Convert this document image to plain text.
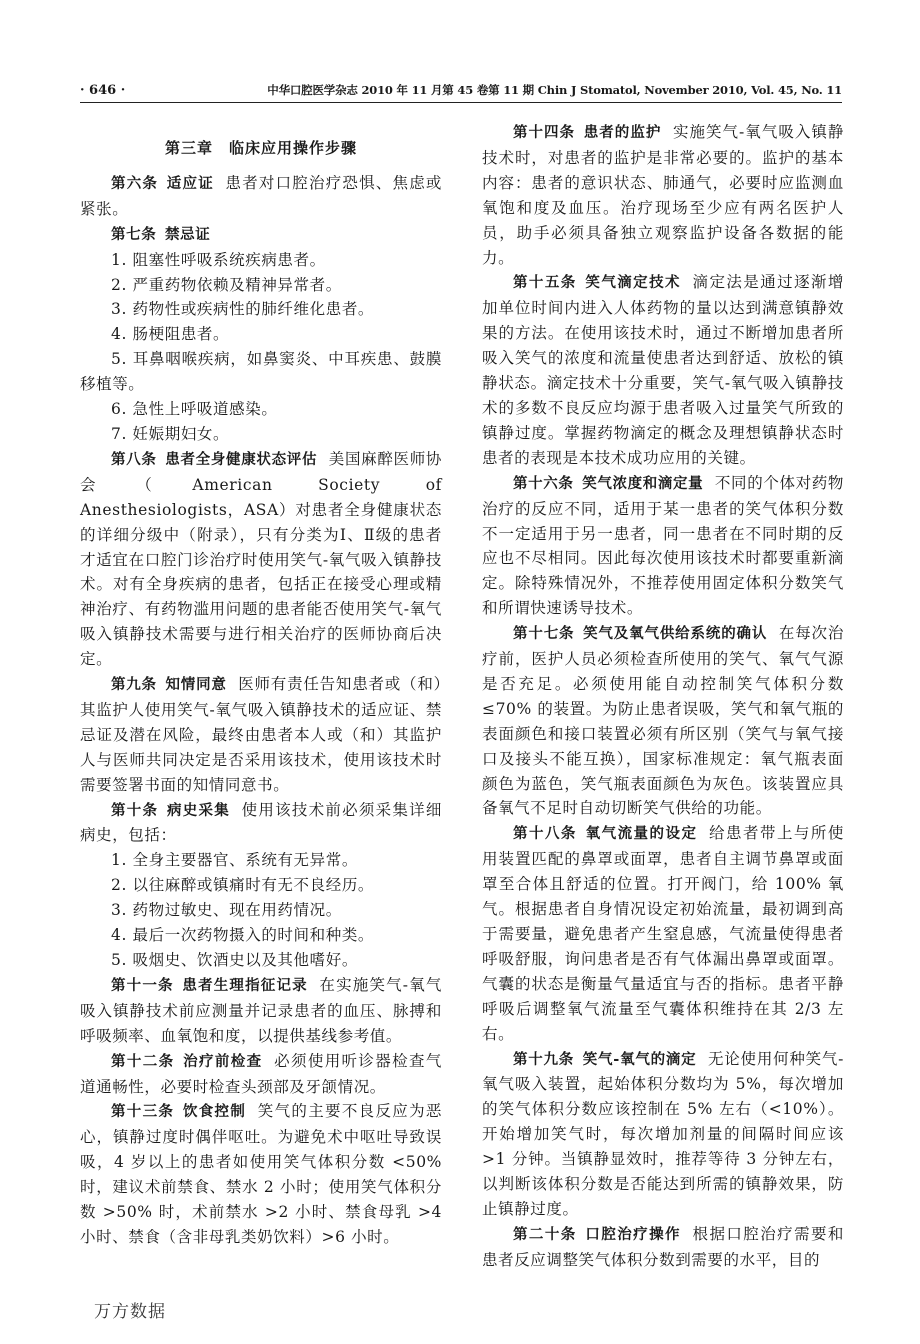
· 646 ·	中华口腔医学杂志 2010 年 11 月第 45 卷第 11 期 Chin J Stomatol, November 2010, Vol. 45, No. 11
第三章　临床应用操作步骤

第六条 适应证 患者对口腔治疗恐惧、焦虑或紧张。

第七条 禁忌证

1. 阻塞性呼吸系统疾病患者。

2. 严重药物依赖及精神异常者。

3. 药物性或疾病性的肺纤维化患者。

4. 肠梗阻患者。

5. 耳鼻咽喉疾病，如鼻窦炎、中耳疾患、鼓膜移植等。

6. 急性上呼吸道感染。

7. 妊娠期妇女。

第八条 患者全身健康状态评估 美国麻醉医师协会（American Society of Anesthesiologists，ASA）对患者全身健康状态的详细分级中（附录），只有分类为Ⅰ、Ⅱ级的患者才适宜在口腔门诊治疗时使用笑气-氧气吸入镇静技术。对有全身疾病的患者，包括正在接受心理或精神治疗、有药物滥用问题的患者能否使用笑气-氧气吸入镇静技术需要与进行相关治疗的医师协商后决定。

第九条 知情同意 医师有责任告知患者或（和）其监护人使用笑气-氧气吸入镇静技术的适应证、禁忌证及潜在风险，最终由患者本人或（和）其监护人与医师共同决定是否采用该技术，使用该技术时需要签署书面的知情同意书。

第十条 病史采集 使用该技术前必须采集详细病史，包括：

1. 全身主要器官、系统有无异常。

2. 以往麻醉或镇痛时有无不良经历。

3. 药物过敏史、现在用药情况。

4. 最后一次药物摄入的时间和种类。

5. 吸烟史、饮酒史以及其他嗜好。

第十一条 患者生理指征记录 在实施笑气-氧气吸入镇静技术前应测量并记录患者的血压、脉搏和呼吸频率、血氧饱和度，以提供基线参考值。

第十二条 治疗前检查 必须使用听诊器检查气道通畅性，必要时检查头颈部及牙颌情况。

第十三条 饮食控制 笑气的主要不良反应为恶心，镇静过度时偶伴呕吐。为避免术中呕吐导致误吸，4 岁以上的患者如使用笑气体积分数 <50% 时，建议术前禁食、禁水 2 小时；使用笑气体积分数 >50% 时，术前禁水 >2 小时、禁食母乳 >4 小时、禁食（含非母乳类奶饮料）>6 小时。

第十四条 患者的监护 实施笑气-氧气吸入镇静技术时，对患者的监护是非常必要的。监护的基本内容：患者的意识状态、肺通气，必要时应监测血氧饱和度及血压。治疗现场至少应有两名医护人员，助手必须具备独立观察监护设备各数据的能力。

第十五条 笑气滴定技术 滴定法是通过逐渐增加单位时间内进入人体药物的量以达到满意镇静效果的方法。在使用该技术时，通过不断增加患者所吸入笑气的浓度和流量使患者达到舒适、放松的镇静状态。滴定技术十分重要，笑气-氧气吸入镇静技术的多数不良反应均源于患者吸入过量笑气所致的镇静过度。掌握药物滴定的概念及理想镇静状态时患者的表现是本技术成功应用的关键。

第十六条 笑气浓度和滴定量 不同的个体对药物治疗的反应不同，适用于某一患者的笑气体积分数不一定适用于另一患者，同一患者在不同时期的反应也不尽相同。因此每次使用该技术时都要重新滴定。除特殊情况外，不推荐使用固定体积分数笑气和所谓快速诱导技术。

第十七条 笑气及氧气供给系统的确认 在每次治疗前，医护人员必须检查所使用的笑气、氧气气源是否充足。必须使用能自动控制笑气体积分数≤70% 的装置。为防止患者误吸，笑气和氧气瓶的表面颜色和接口装置必须有所区别（笑气与氧气接口及接头不能互换），国家标准规定：氧气瓶表面颜色为蓝色，笑气瓶表面颜色为灰色。该装置应具备氧气不足时自动切断笑气供给的功能。

第十八条 氧气流量的设定 给患者带上与所使用装置匹配的鼻罩或面罩，患者自主调节鼻罩或面罩至合体且舒适的位置。打开阀门，给 100% 氧气。根据患者自身情况设定初始流量，最初调到高于需要量，避免患者产生窒息感，气流量使得患者呼吸舒服，询问患者是否有气体漏出鼻罩或面罩。气囊的状态是衡量气量适宜与否的指标。患者平静呼吸后调整氧气流量至气囊体积维持在其 2/3 左右。

第十九条 笑气-氧气的滴定 无论使用何种笑气-氧气吸入装置，起始体积分数均为 5%，每次增加的笑气体积分数应该控制在 5% 左右（<10%）。开始增加笑气时，每次增加剂量的间隔时间应该 >1 分钟。当镇静显效时，推荐等待 3 分钟左右，以判断该体积分数是否能达到所需的镇静效果，防止镇静过度。

第二十条 口腔治疗操作 根据口腔治疗需要和患者反应调整笑气体积分数到需要的水平，目的

万方数据
